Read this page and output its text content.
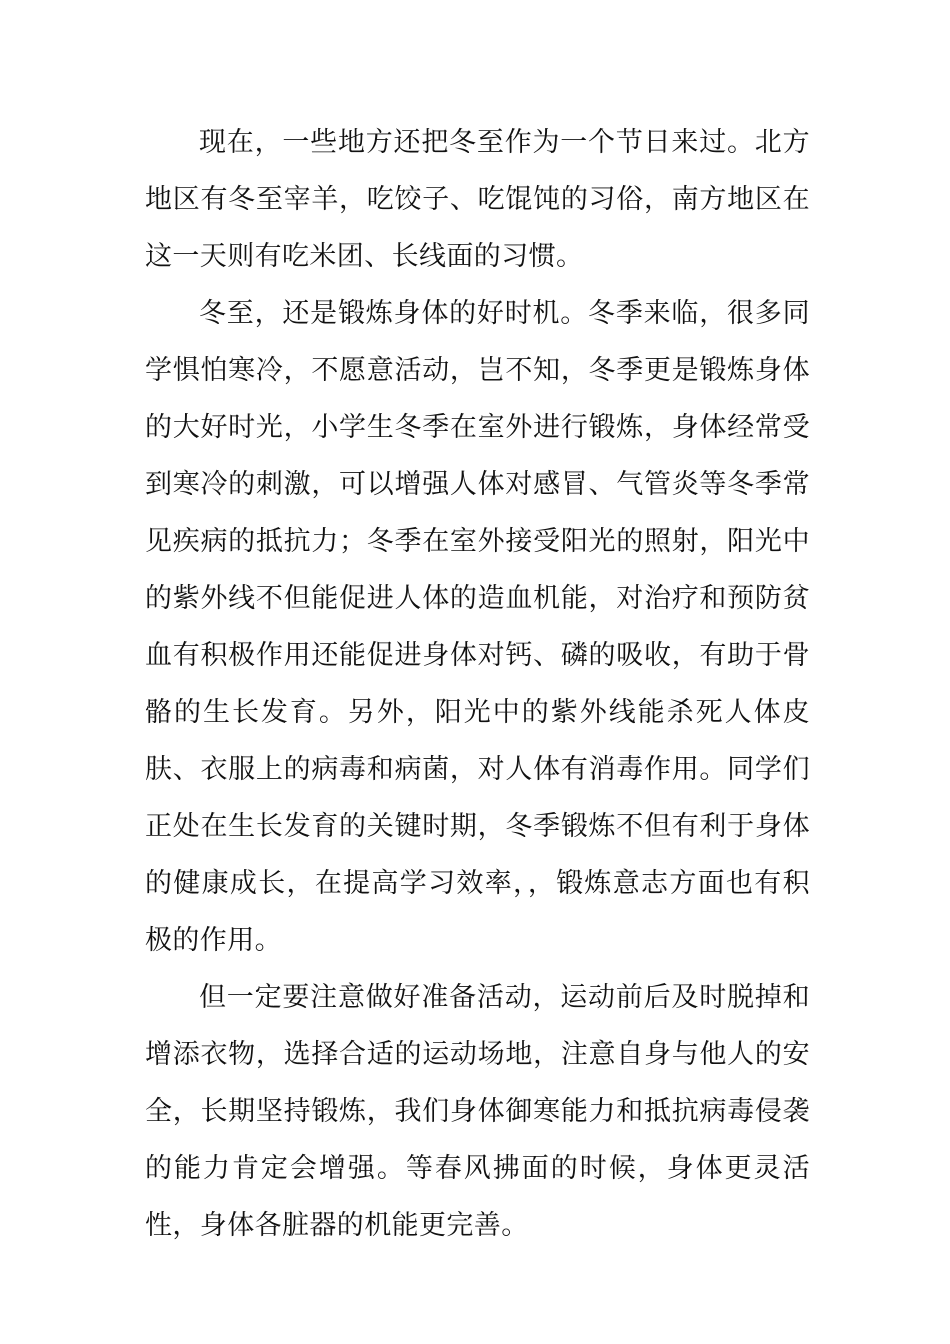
现在，一些地方还把冬至作为一个节日来过。北方地区有冬至宰羊，吃饺子、吃馄饨的习俗，南方地区在这一天则有吃米团、长线面的习惯。

冬至，还是锻炼身体的好时机。冬季来临，很多同学惧怕寒冷，不愿意活动，岂不知，冬季更是锻炼身体的大好时光，小学生冬季在室外进行锻炼，身体经常受到寒冷的刺激，可以增强人体对感冒、气管炎等冬季常见疾病的抵抗力；冬季在室外接受阳光的照射，阳光中的紫外线不但能促进人体的造血机能，对治疗和预防贫血有积极作用还能促进身体对钙、磷的吸收，有助于骨骼的生长发育。另外，阳光中的紫外线能杀死人体皮肤、衣服上的病毒和病菌，对人体有消毒作用。同学们正处在生长发育的关键时期，冬季锻炼不但有利于身体的健康成长，在提高学习效率，，锻炼意志方面也有积极的作用。

但一定要注意做好准备活动，运动前后及时脱掉和增添衣物，选择合适的运动场地，注意自身与他人的安全，长期坚持锻炼，我们身体御寒能力和抵抗病毒侵袭的能力肯定会增强。等春风拂面的时候，身体更灵活性，身体各脏器的机能更完善。
